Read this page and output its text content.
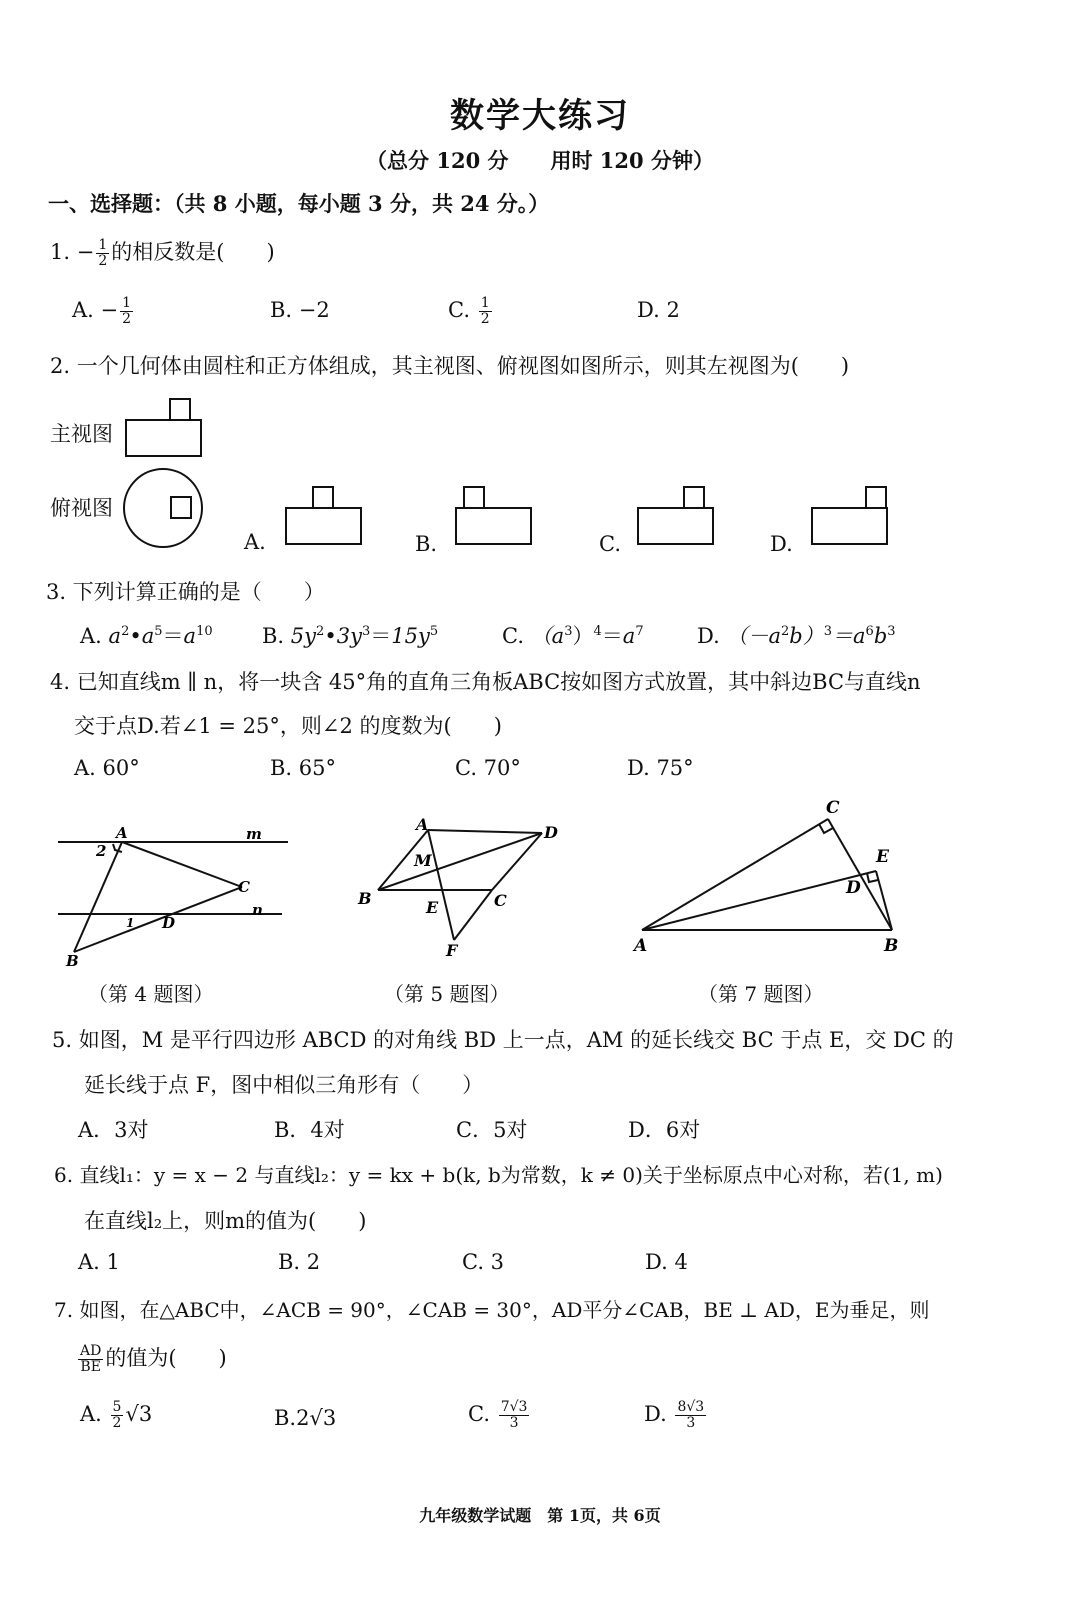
数学大练习
（总分 120 分　　用时 120 分钟）
一、选择题：（共 8 小题，每小题 3 分，共 24 分。）
1. − $\frac{1}{2}$ 的相反数是(　　)
A. − $\frac{1}{2}$	B. −2	C. $\frac{1}{2}$	D. 2
2. 一个几何体由圆柱和正方体组成，其主视图、俯视图如图所示，则其左视图为(　　)
主视图
俯视图
A.	B.	C.	D.
3. 下列计算正确的是（　　）
A. $a^2•a^5=a^{10}$ B. $5y^2•3y^3=15y^5$	C. $(a^3)^4=a^7$	D. $(-a^2b)^3=a^6b^3$
4. 已知直线m ∥ n，将一块含 45°角的直角三角板ABC按如图方式放置，其中斜边BC与直线n
交于点D.若∠1 = 25°，则∠2 的度数为(　　)
A. 60°	B. 65°	C. 70°	D. 75°
A	m
2
C
n
1 D
B
（第 4 题图）
A	D
M
B	C
E
F
（第 5 题图）
C
E
D
A	B
（第 7 题图）
5. 如图，M 是平行四边形 ABCD 的对角线 BD 上一点，AM 的延长线交 BC 于点 E，交 DC 的
延长线于点 F，图中相似三角形有（　　）
A．3对	B．4对	C．5对	D．6对
6. 直线l₁：y = x − 2 与直线l₂：y = kx + b(k, b为常数，k ≠ 0)关于坐标原点中心对称，若(1, m)
在直线l₂上，则m的值为(　　)
A. 1	B. 2	C. 3	D. 4
7. 如图，在△ABC中，∠ACB = 90°，∠CAB = 30°，AD平分∠CAB，BE ⊥ AD，E为垂足，则
$\frac{AD}{BE}$ 的值为(　　)
A. $\frac{5}{2} √3$	B.2√3	C. $\frac{7√3}{3}$	D. $\frac{8√3}{3}$
九年级数学试题　第 1页，共 6页
